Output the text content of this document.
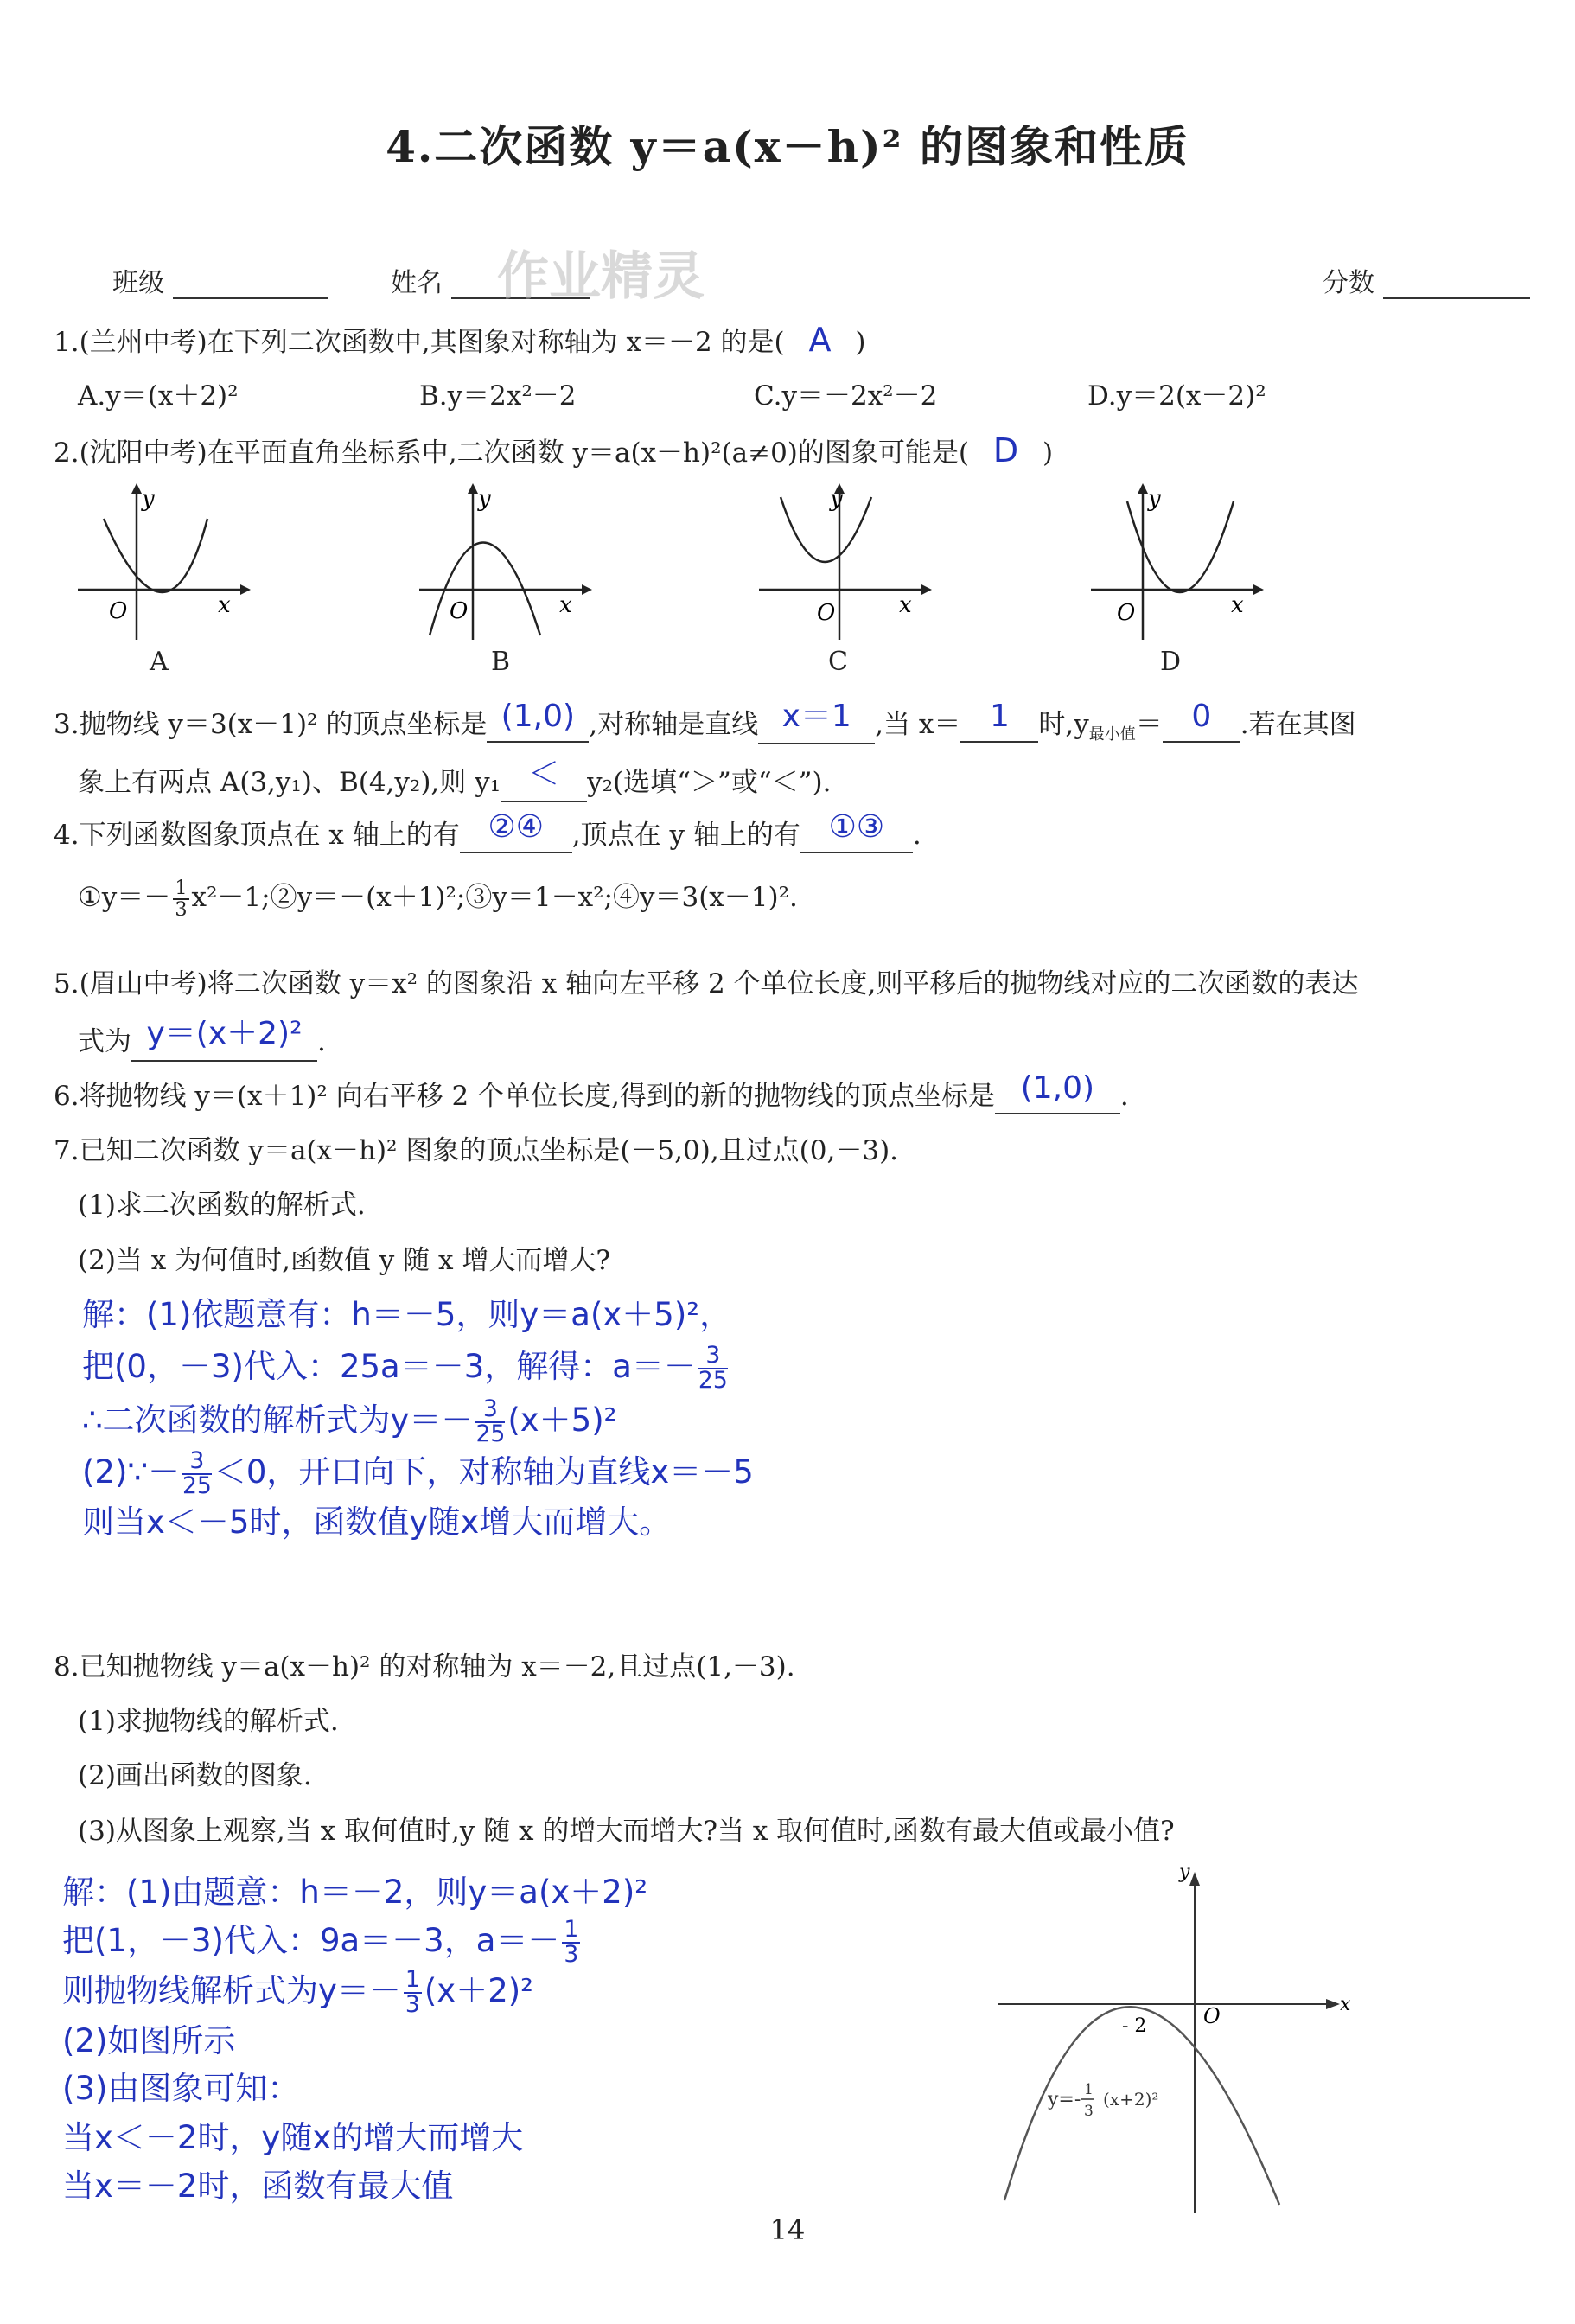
4.二次函数 y＝a(x－h)² 的图象和性质
班级	姓名	作业精灵	分数
1.(兰州中考)在下列二次函数中,其图象对称轴为 x＝－2 的是( A )
A.y＝(x＋2)²	B.y＝2x²－2	C.y＝－2x²－2	D.y＝2(x－2)²
2.(沈阳中考)在平面直角坐标系中,二次函数 y＝a(x－h)²(a≠0)的图象可能是( D )
y
x
O
y
x
O
y
x
O
y
x
O
A	B	C	D
3.抛物线 y＝3(x－1)² 的顶点坐标是 (1,0) ,对称轴是直线 x＝1 ,当 x＝ 1 时$,y_{最小值}= 0$ .若在其图
象上有两点 A(3,y₁)、B(4,y₂),则 y₁ ＜ y₂(选填“＞”或“＜”).
4.下列函数图象顶点在 x 轴上的有 ②④ ,顶点在 y 轴上的有 ①③ .
①y＝－ $\frac{1}{3}$ x²－1;②y＝－(x＋1)²;③y＝1－x²;④y＝3(x－1)².
5.(眉山中考)将二次函数 y＝x² 的图象沿 x 轴向左平移 2 个单位长度,则平移后的抛物线对应的二次函数的表达
式为 y＝(x＋2)² .
6.将抛物线 y＝(x＋1)² 向右平移 2 个单位长度,得到的新的抛物线的顶点坐标是 (1,0) .
7.已知二次函数 y＝a(x－h)² 图象的顶点坐标是(－5,0),且过点(0,－3).
(1)求二次函数的解析式.
(2)当 x 为何值时,函数值 y 随 x 增大而增大?
解：(1)依题意有：h＝－5，则y＝a(x＋5)²，
把(0，－3)代入：25a＝－3，解得：$a=- \frac{3}{25}$
∴二次函数的解析式为$y=- \frac{3}{25} (x+5)^2$
(2)∵－ $\frac{3}{25} <0$，开口向下，对称轴为直线x＝－5
则当x＜－5时，函数值y随x增大而增大。
8.已知抛物线 y＝a(x－h)² 的对称轴为 x＝－2,且过点(1,－3).
(1)求抛物线的解析式.
(2)画出函数的图象.
(3)从图象上观察,当 x 取何值时,y 随 x 的增大而增大?当 x 取何值时,函数有最大值或最小值?
解：(1)由题意：h＝－2，则y＝a(x＋2)²
把(1，－3)代入：9a＝－3，$a=- \frac{1}{3}$
则抛物线解析式为$y=- \frac{1}{3} (x+2)^2$
(2)如图所示
(3)由图象可知：
当x＜－2时，y随x的增大而增大
当x＝－2时，函数有最大值
y
x
O
- 2
y=- 1
3
(x+2)²
14
